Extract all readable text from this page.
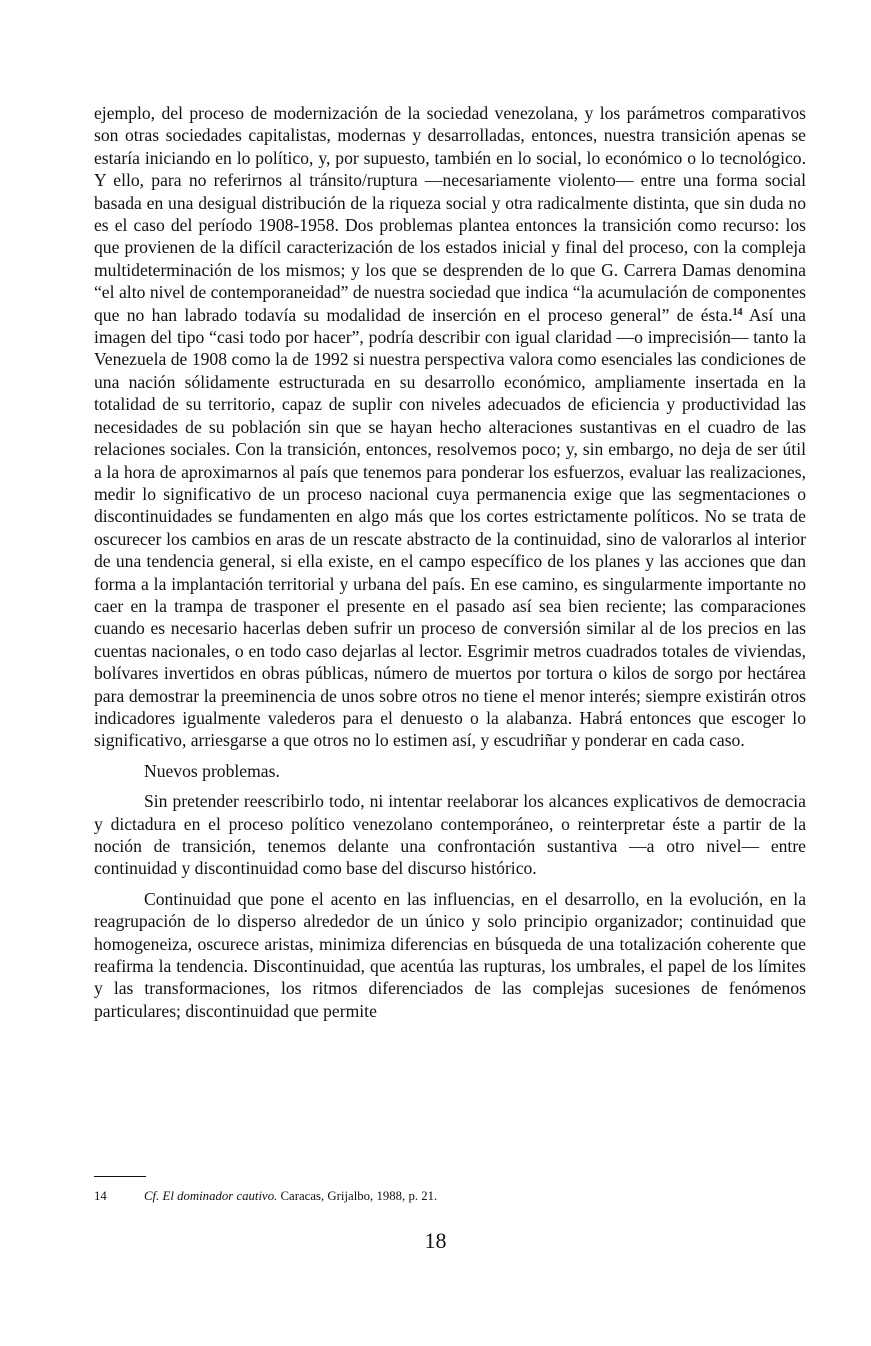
ejemplo, del proceso de modernización de la sociedad venezolana, y los parámetros comparativos son otras sociedades capitalistas, modernas y desarrolladas, entonces, nuestra transición apenas se estaría iniciando en lo político, y, por supuesto, también en lo social, lo económico o lo tecnológico. Y ello, para no referirnos al tránsito/ruptura —necesariamente violento— entre una forma social basada en una desigual distribución de la riqueza social y otra radicalmente distinta, que sin duda no es el caso del período 1908-1958. Dos problemas plantea entonces la transición como recurso: los que provienen de la difícil caracterización de los estados inicial y final del proceso, con la compleja multideterminación de los mismos; y los que se desprenden de lo que G. Carrera Damas denomina “el alto nivel de contemporaneidad” de nuestra sociedad que indica “la acumulación de componentes que no han labrado todavía su modalidad de inserción en el proceso general” de ésta.$^{14}$ Así una imagen del tipo “casi todo por hacer”, podría describir con igual claridad —o imprecisión— tanto la Venezuela de 1908 como la de 1992 si nuestra perspectiva valora como esenciales las condiciones de una nación sólidamente estructurada en su desarrollo económico, ampliamente insertada en la totalidad de su territorio, capaz de suplir con niveles adecuados de eficiencia y productividad las necesidades de su población sin que se hayan hecho alteraciones sustantivas en el cuadro de las relaciones sociales. Con la transición, entonces, resolvemos poco; y, sin embargo, no deja de ser útil a la hora de aproximarnos al país que tenemos para ponderar los esfuerzos, evaluar las realizaciones, medir lo significativo de un proceso nacional cuya permanencia exige que las segmentaciones o discontinuidades se fundamenten en algo más que los cortes estrictamente políticos. No se trata de oscurecer los cambios en aras de un rescate abstracto de la continuidad, sino de valorarlos al interior de una tendencia general, si ella existe, en el campo específico de los planes y las acciones que dan forma a la implantación territorial y urbana del país. En ese camino, es singularmente importante no caer en la trampa de trasponer el presente en el pasado así sea bien reciente; las comparaciones cuando es necesario hacerlas deben sufrir un proceso de conversión similar al de los precios en las cuentas nacionales, o en todo caso dejarlas al lector. Esgrimir metros cuadrados totales de viviendas, bolívares invertidos en obras públicas, número de muertos por tortura o kilos de sorgo por hectárea para demostrar la preeminencia de unos sobre otros no tiene el menor interés; siempre existirán otros indicadores igualmente valederos para el denuesto o la alabanza. Habrá entonces que escoger lo significativo, arriesgarse a que otros no lo estimen así, y escudriñar y ponderar en cada caso.

Nuevos problemas.

Sin pretender reescribirlo todo, ni intentar reelaborar los alcances explicativos de democracia y dictadura en el proceso político venezolano contemporáneo, o reinterpretar éste a partir de la noción de transición, tenemos delante una confrontación sustantiva —a otro nivel— entre continuidad y discontinuidad como base del discurso histórico.

Continuidad que pone el acento en las influencias, en el desarrollo, en la evolución, en la reagrupación de lo disperso alrededor de un único y solo principio organizador; continuidad que homogeneiza, oscurece aristas, minimiza diferencias en búsqueda de una totalización coherente que reafirma la tendencia. Discontinuidad, que acentúa las rupturas, los umbrales, el papel de los límites y las transformaciones, los ritmos diferenciados de las complejas sucesiones de fenómenos particulares; discontinuidad que permite

14	Cf. El dominador cautivo. Caracas, Grijalbo, 1988, p. 21.
18
